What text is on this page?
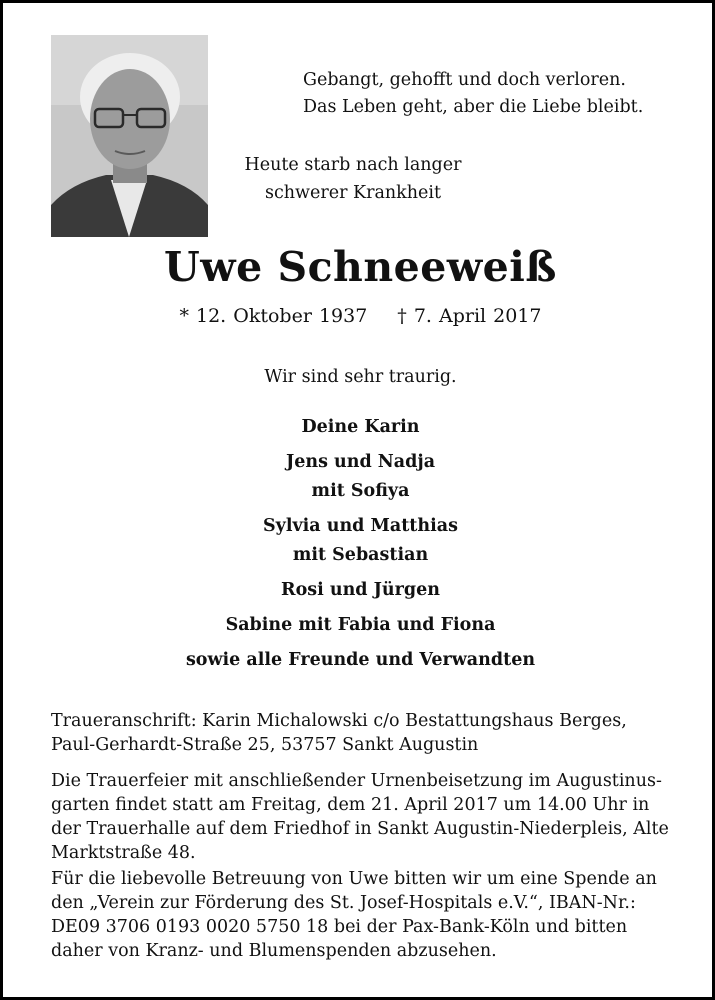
Gebangt, gehofft und doch verloren.
Das Leben geht, aber die Liebe bleibt.
Heute starb nach langer
schwerer Krankheit
Uwe Schneeweiß
* 12. Oktober 1937 † 7. April 2017
Wir sind sehr traurig.
Deine Karin
Jens und Nadja
mit Sofiya
Sylvia und Matthias
mit Sebastian
Rosi und Jürgen
Sabine mit Fabia und Fiona
sowie alle Freunde und Verwandten
Traueranschrift: Karin Michalowski c/o Bestattungshaus Berges,
Paul-Gerhardt-Straße 25, 53757 Sankt Augustin
Die Trauerfeier mit anschließender Urnenbeisetzung im Augustinus-
garten findet statt am Freitag, dem 21. April 2017 um 14.00 Uhr in
der Trauerhalle auf dem Friedhof in Sankt Augustin-Niederpleis, Alte
Marktstraße 48.
Für die liebevolle Betreuung von Uwe bitten wir um eine Spende an
den „Verein zur Förderung des St. Josef-Hospitals e.V.“, IBAN-Nr.:
DE09 3706 0193 0020 5750 18 bei der Pax-Bank-Köln und bitten
daher von Kranz- und Blumenspenden abzusehen.
